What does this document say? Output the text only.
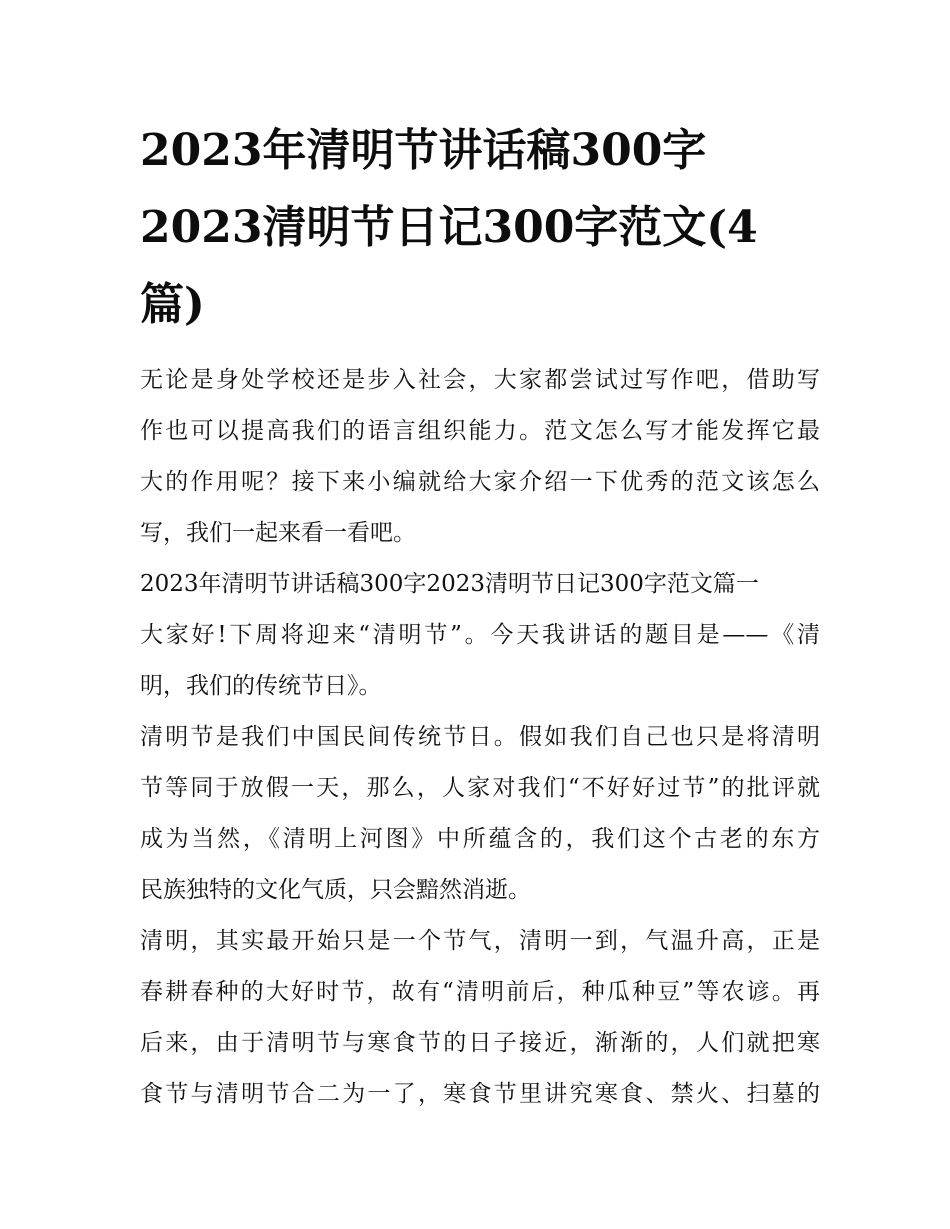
2023年清明节讲话稿300字
2023清明节日记300字范文(4
篇)
无论是身处学校还是步入社会，大家都尝试过写作吧，借助写
作也可以提高我们的语言组织能力。范文怎么写才能发挥它最
大的作用呢？接下来小编就给大家介绍一下优秀的范文该怎么
写，我们一起来看一看吧。
2023年清明节讲话稿300字2023清明节日记300字范文篇一
大家好!下周将迎来“清明节”。今天我讲话的题目是——《清
明，我们的传统节日》。
清明节是我们中国民间传统节日。假如我们自己也只是将清明
节等同于放假一天，那么，人家对我们“不好好过节”的批评就
成为当然，《清明上河图》中所蕴含的，我们这个古老的东方
民族独特的文化气质，只会黯然消逝。
清明，其实最开始只是一个节气，清明一到，气温升高，正是
春耕春种的大好时节，故有“清明前后，种瓜种豆”等农谚。再
后来，由于清明节与寒食节的日子接近，渐渐的，人们就把寒
食节与清明节合二为一了，寒食节里讲究寒食、禁火、扫墓的
